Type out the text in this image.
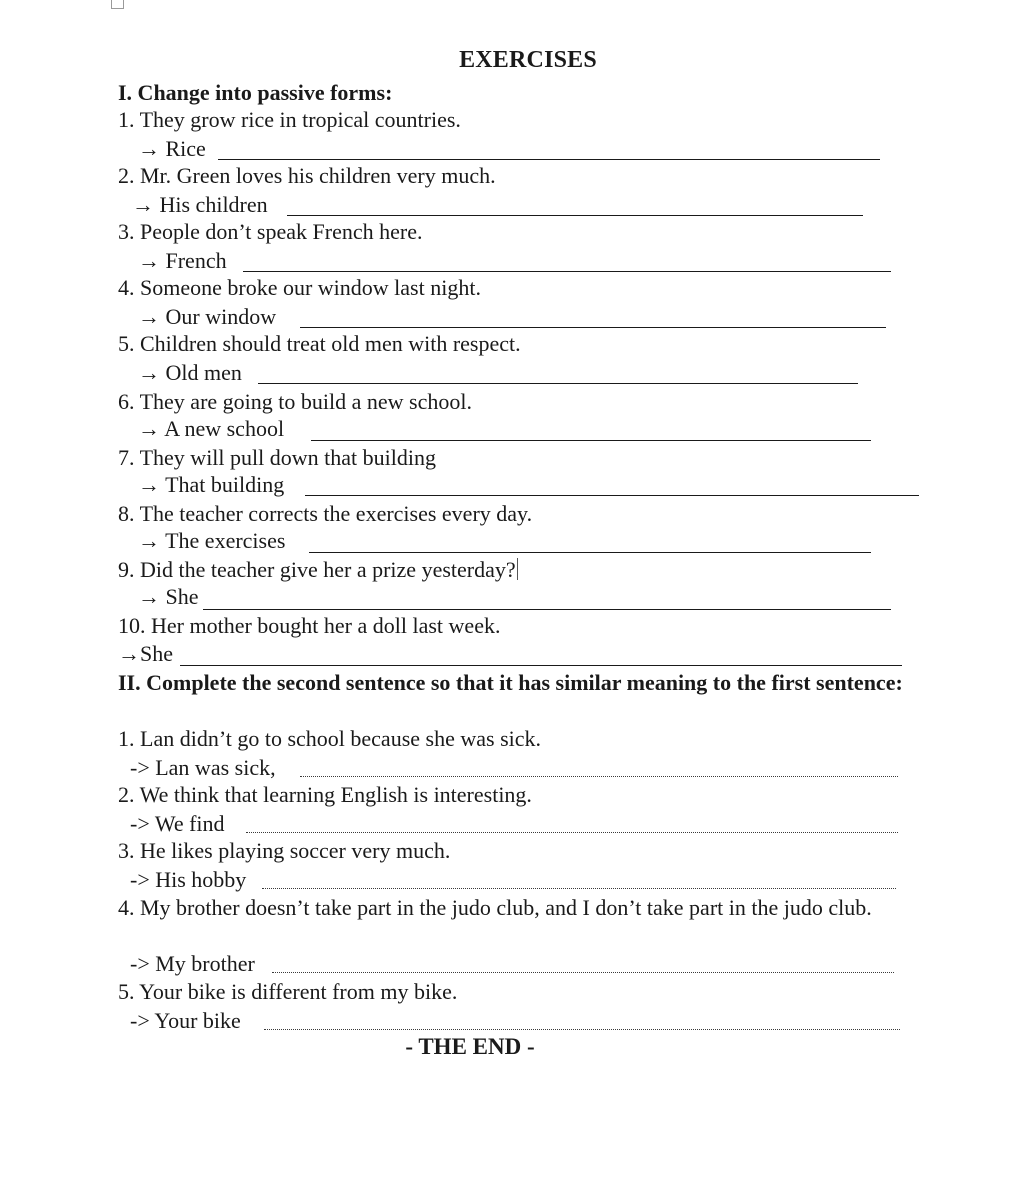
EXERCISES
I. Change into passive forms:
1. They grow rice in tropical countries.
→ Rice
2. Mr. Green loves his children very much.
→ His children
3. People don’t speak French here.
→ French
4. Someone broke our window last night.
→ Our window
5. Children should treat old men with respect.
→ Old men
6. They are going to build a new school.
→ A new school
7. They will pull down that building
→ That building
8. The teacher corrects the exercises every day.
→ The exercises
9. Did the teacher give her a prize yesterday?
→ She
10. Her mother bought her a doll last week.
→She
II. Complete the second sentence so that it has similar meaning to the first sentence:
1. Lan didn’t go to school because she was sick.
-> Lan was sick,
2. We think that learning English is interesting.
-> We find
3. He likes playing soccer very much.
-> His hobby
4. My brother doesn’t take part in the judo club, and I don’t take part in the judo club.
-> My brother
5. Your bike is different from my bike.
-> Your bike
- THE END -
